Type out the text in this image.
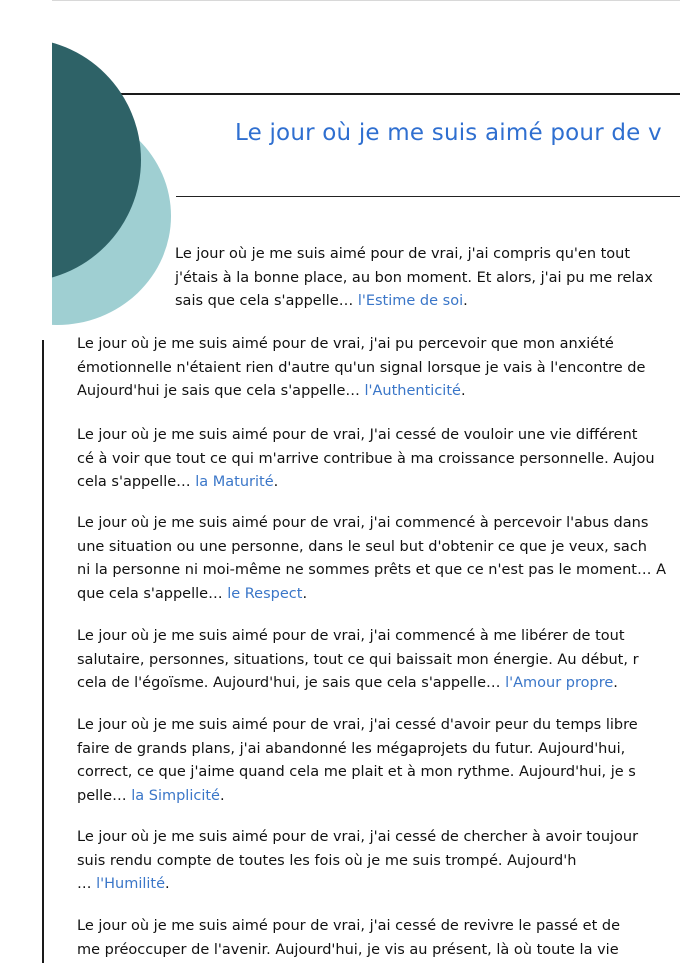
Le jour où je me suis aimé pour de v
Le jour où je me suis aimé pour de vrai, j'ai compris qu'en tout
j'étais à la bonne place, au bon moment. Et alors, j'ai pu me relax
sais que cela s'appelle… l'Estime de soi.
Le jour où je me suis aimé pour de vrai, j'ai pu percevoir que mon anxiété
émotionnelle n'étaient rien d'autre qu'un signal lorsque je vais à l'encontre de
Aujourd'hui je sais que cela s'appelle… l'Authenticité.
Le jour où je me suis aimé pour de vrai, J'ai cessé de vouloir une vie différent
cé à voir que tout ce qui m'arrive contribue à ma croissance personnelle. Aujou
cela s'appelle… la Maturité.
Le jour où je me suis aimé pour de vrai, j'ai commencé à percevoir l'abus dans
une situation ou une personne, dans le seul but d'obtenir ce que je veux, sach
ni la personne ni moi-même ne sommes prêts et que ce n'est pas le moment… A
que cela s'appelle… le Respect.
Le jour où je me suis aimé pour de vrai, j'ai commencé à me libérer de tout
salutaire, personnes, situations, tout ce qui baissait mon énergie. Au début, r
cela de l'égoïsme. Aujourd'hui, je sais que cela s'appelle… l'Amour propre.
Le jour où je me suis aimé pour de vrai, j'ai cessé d'avoir peur du temps libre
faire de grands plans, j'ai abandonné les mégaprojets du futur. Aujourd'hui,
correct, ce que j'aime quand cela me plait et à mon rythme. Aujourd'hui, je s
pelle… la Simplicité.
Le jour où je me suis aimé pour de vrai, j'ai cessé de chercher à avoir toujour
suis rendu compte de toutes les fois où je me suis trompé. Aujourd'h
… l'Humilité.
Le jour où je me suis aimé pour de vrai, j'ai cessé de revivre le passé et de
me préoccuper de l'avenir. Aujourd'hui, je vis au présent, là où toute la vie
